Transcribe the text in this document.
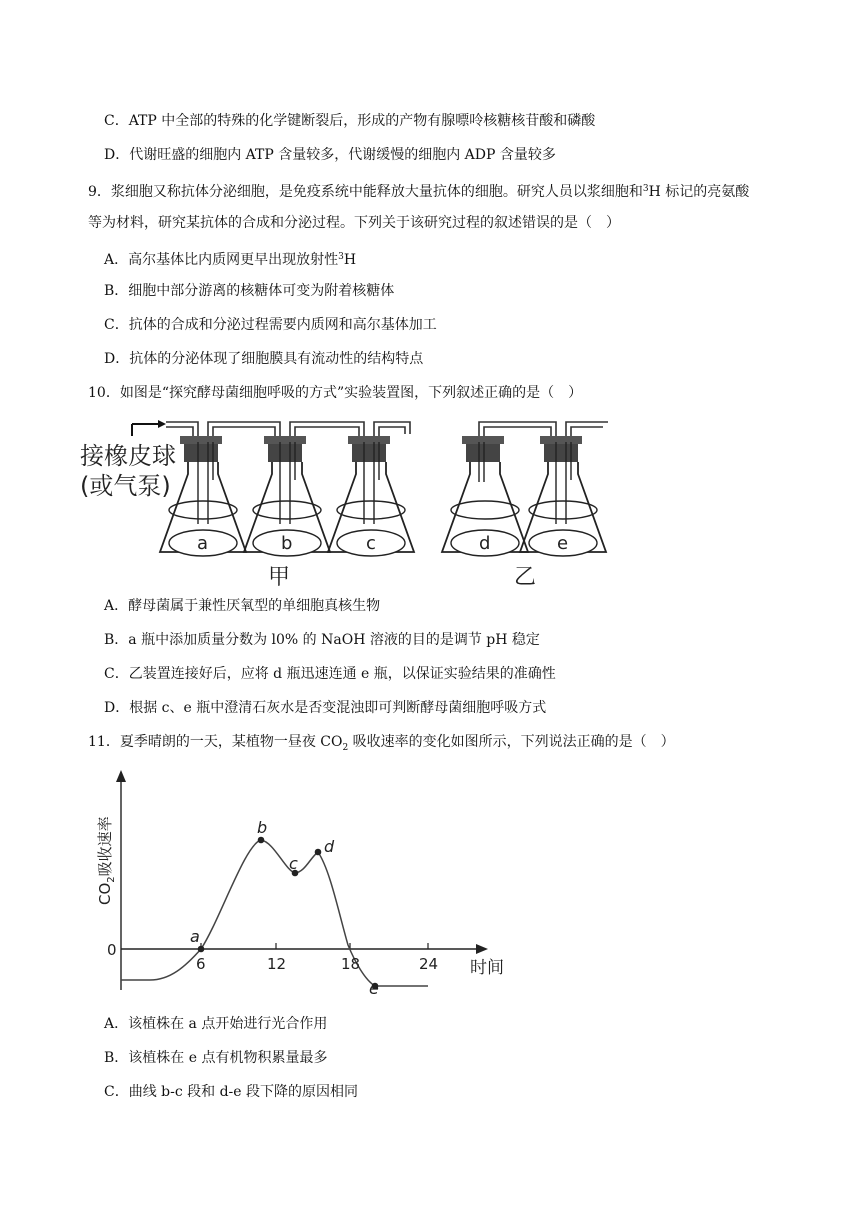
C．ATP 中全部的特殊的化学键断裂后，形成的产物有腺嘌呤核糖核苷酸和磷酸
D．代谢旺盛的细胞内 ATP 含量较多，代谢缓慢的细胞内 ADP 含量较多
9．浆细胞又称抗体分泌细胞，是免疫系统中能释放大量抗体的细胞。研究人员以浆细胞和$^3$H 标记的亮氨酸
等为材料，研究某抗体的合成和分泌过程。下列关于该研究过程的叙述错误的是（　）
A．高尔基体比内质网更早出现放射性$^3$H
B．细胞中部分游离的核糖体可变为附着核糖体
C．抗体的合成和分泌过程需要内质网和高尔基体加工
D．抗体的分泌体现了细胞膜具有流动性的结构特点
10．如图是“探究酵母菌细胞呼吸的方式”实验装置图，下列叙述正确的是（　）
接橡皮球
(或气泵)
a	b	c	d	e
甲	乙
A．酵母菌属于兼性厌氧型的单细胞真核生物
B．a 瓶中添加质量分数为 l0% 的 NaOH 溶液的目的是调节 pH 稳定
C．乙装置连接好后，应将 d 瓶迅速连通 e 瓶，以保证实验结果的准确性
D．根据 c、e 瓶中澄清石灰水是否变混浊即可判断酵母菌细胞呼吸方式
11．夏季晴朗的一天，某植物一昼夜 $CO_2$ 吸收速率的变化如图所示，下列说法正确的是（　）
a
b
c
d
e
0
6	12	18	24 时间
$CO_2$吸收速率
A．该植株在 a 点开始进行光合作用
B．该植株在 e 点有机物积累量最多
C．曲线 b-c 段和 d-e 段下降的原因相同
